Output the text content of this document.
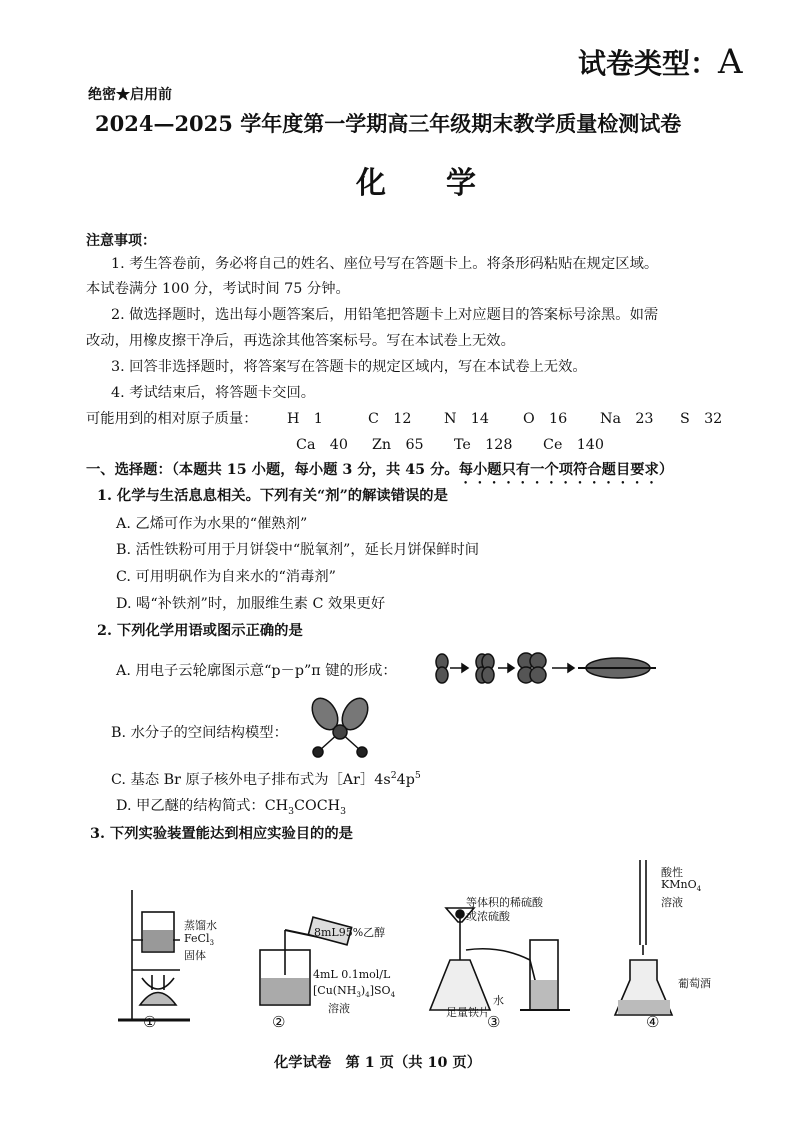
试卷类型：A
绝密★启用前
2024—2025 学年度第一学期高三年级期末教学质量检测试卷
化　　学
注意事项：
1. 考生答卷前，务必将自己的姓名、座位号写在答题卡上。将条形码粘贴在规定区域。
本试卷满分 100 分，考试时间 75 分钟。
2. 做选择题时，选出每小题答案后，用铅笔把答题卡上对应题目的答案标号涂黑。如需
改动，用橡皮擦干净后，再选涂其他答案标号。写在本试卷上无效。
3. 回答非选择题时，将答案写在答题卡的规定区域内，写在本试卷上无效。
4. 考试结束后，将答题卡交回。
可能用到的相对原子质量： H　1	C　12 N　14 O　16 Na　23 S　32
Ca　40 Zn　65 Te　128 Ce　140
一、选择题：（本题共 15 小题，每小题 3 分，共 45 分。每小题只有一个项符合题目要求）
1. 化学与生活息息相关。下列有关“剂”的解读错误的是
A. 乙烯可作为水果的“催熟剂”
B. 活性铁粉可用于月饼袋中“脱氧剂”，延长月饼保鲜时间
C. 可用明矾作为自来水的“消毒剂”
D. 喝“补铁剂”时，加服维生素 C 效果更好
2. 下列化学用语或图示正确的是
A. 用电子云轮廓图示意“p－p”π 键的形成：
B. 水分子的空间结构模型：
C. 基态 Br 原子核外电子排布式为$[Ar]4s^24p^5$
D. 甲乙醚的结构简式：$CH_3COCH_3$
3. 下列实验装置能达到相应实验目的的是
蒸馏水
FeCl$_3$
固体
①
8mL95%乙醇
4mL 0.1mol/L
$[Cu(NH_3)_4]SO_4$
溶液
②
等体积的稀硫酸
或浓硫酸
水
足量铁片
③
酸性
KMnO$_4$
溶液
葡萄酒
④
化学试卷　第 1 页（共 10 页）
